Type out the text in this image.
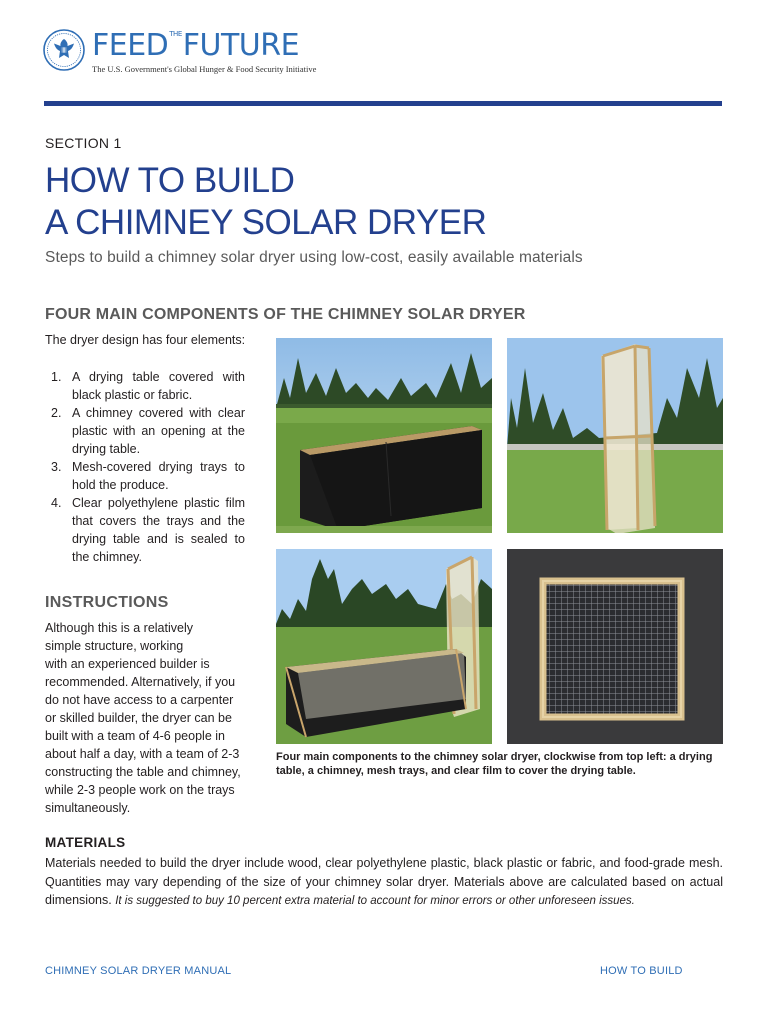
FEEDTHEFUTURE
The U.S. Government's Global Hunger & Food Security Initiative
SECTION 1
HOW TO BUILD
A CHIMNEY SOLAR DRYER
Steps to build a chimney solar dryer using low-cost, easily available materials
FOUR MAIN COMPONENTS OF THE CHIMNEY SOLAR DRYER
The dryer design has four elements:
1. A drying table covered with black plastic or fabric.
2. A chimney covered with clear plastic with an opening at the drying table.
3. Mesh-covered drying trays to hold the produce.
4. Clear polyethylene plastic film that covers the trays and the drying table and is sealed to the chimney.
INSTRUCTIONS
Although this is a relatively
simple structure, working
with an experienced builder is
recommended. Alternatively, if you
do not have access to a carpenter
or skilled builder, the dryer can be
built with a team of 4-6 people in
about half a day, with a team of 2-3
constructing the table and chimney,
while 2-3 people work on the trays
simultaneously.
Four main components to the chimney solar dryer, clockwise from top left: a drying table, a chimney, mesh trays, and clear film to cover the drying table.
MATERIALS
Materials needed to build the dryer include wood, clear polyethylene plastic, black plastic or fabric, and food-grade mesh. Quantities may vary depending of the size of your chimney solar dryer. Materials above are calculated based on actual dimensions. It is suggested to buy 10 percent extra material to account for minor errors or other unforeseen issues.
CHIMNEY SOLAR DRYER MANUAL	HOW TO BUILD
